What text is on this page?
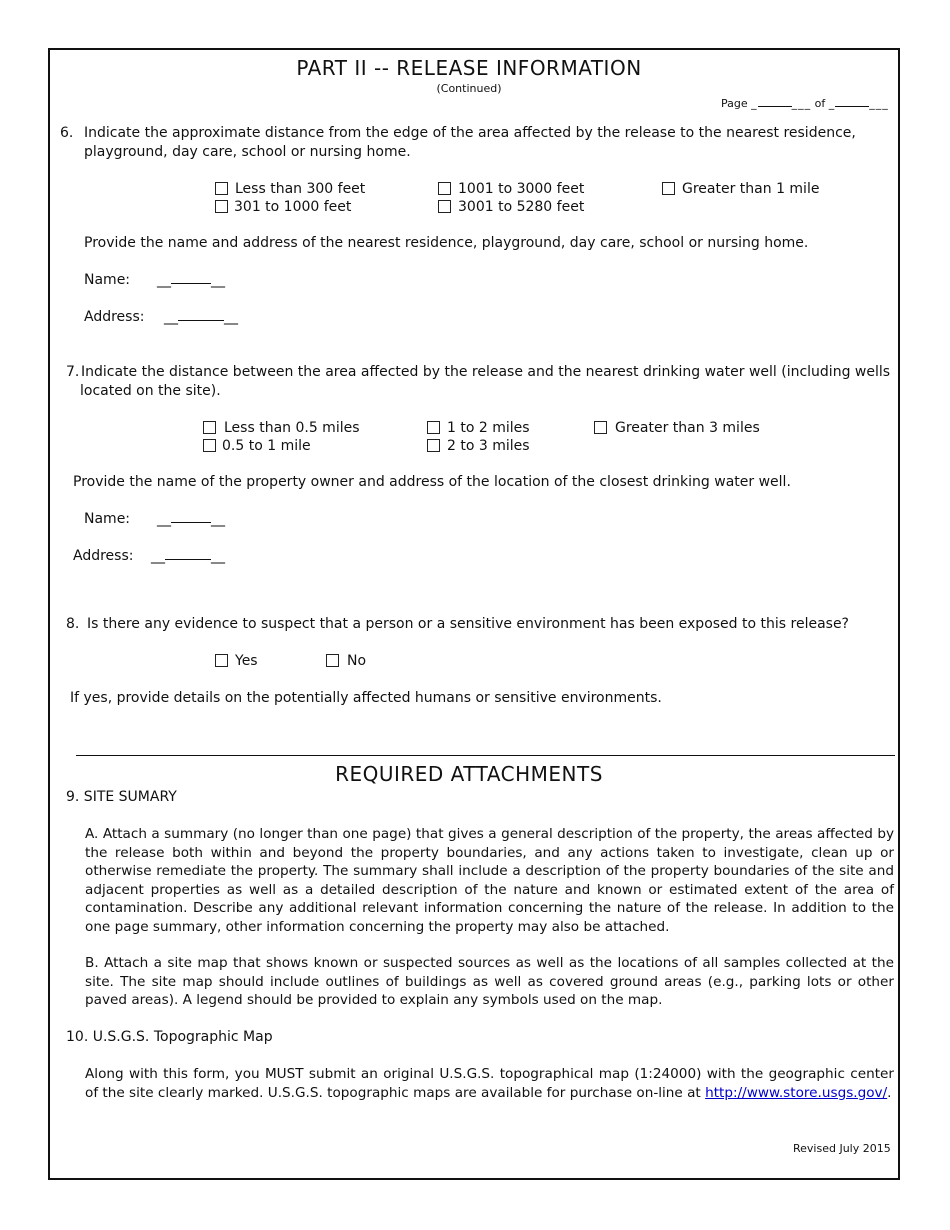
PART II -- RELEASE INFORMATION
(Continued)
Page _	___ of _	___
6. Indicate the approximate distance from the edge of the area affected by the release to the nearest residence,
playground, day care, school or nursing home.
Less than 300 feet
301 to 1000 feet
1001 to 3000 feet
3001 to 5280 feet
Greater than 1 mile
Provide the name and address of the nearest residence, playground, day care, school or nursing home.
Name: __	__
Address: __	__
7. Indicate the distance between the area affected by the release and the nearest drinking water well (including wells
located on the site).
Less than 0.5 miles
0.5 to 1 mile
1 to 2 miles
2 to 3 miles
Greater than 3 miles
Provide the name of the property owner and address of the location of the closest drinking water well.
Name: __	__
Address: __	__
8. Is there any evidence to suspect that a person or a sensitive environment has been exposed to this release?
Yes	No
If yes, provide details on the potentially affected humans or sensitive environments.
REQUIRED ATTACHMENTS
9. SITE SUMARY
A. Attach a summary (no longer than one page) that gives a general description of the property, the areas affected by the release both within and beyond the property boundaries, and any actions taken to investigate, clean up or otherwise remediate the property. The summary shall include a description of the property boundaries of the site and adjacent properties as well as a detailed description of the nature and known or estimated extent of the area of contamination. Describe any additional relevant information concerning the nature of the release. In addition to the one page summary, other information concerning the property may also be attached.
B. Attach a site map that shows known or suspected sources as well as the locations of all samples collected at the site. The site map should include outlines of buildings as well as covered ground areas (e.g., parking lots or other paved areas). A legend should be provided to explain any symbols used on the map.
10. U.S.G.S. Topographic Map
Along with this form, you MUST submit an original U.S.G.S. topographical map (1:24000) with the geographic center of the site clearly marked. U.S.G.S. topographic maps are available for purchase on-line at http://www.store.usgs.gov/.
Revised July 2015
